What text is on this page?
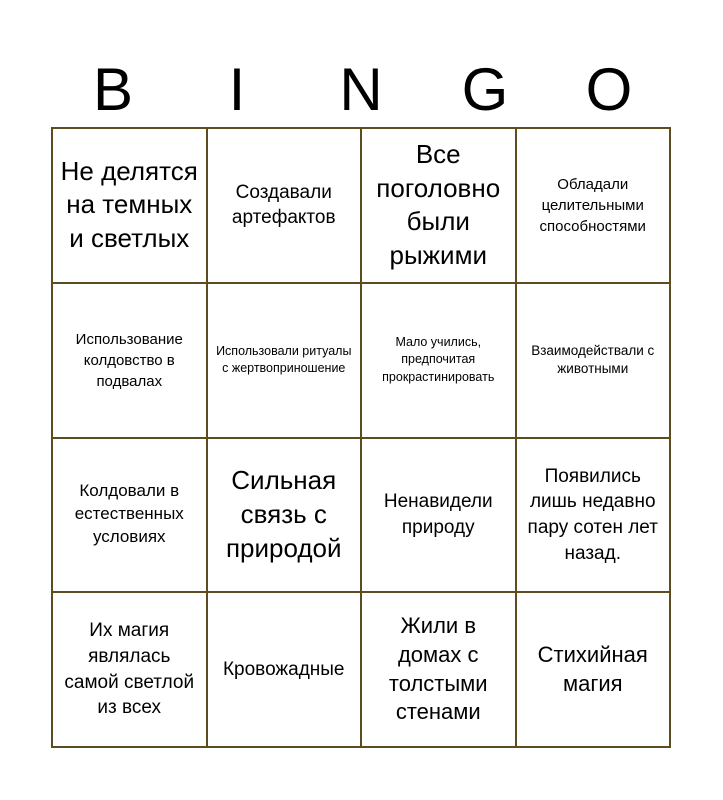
B	I	N	G	O
Не делятся на темных и светлых
Создавали артефактов
Все поголовно были рыжими
Обладали целительными способностями
Использование колдовство в подвалах
Использовали ритуалы с жертвоприношение
Мало учились, предпочитая прокрастинировать
Взаимодействали с животными
Колдовали в естественных условиях
Сильная связь с природой
Ненавидели природу
Появились лишь недавно пару сотен лет назад.
Их магия являлась самой светлой из всех
Кровожадные
Жили в домах с толстыми стенами
Стихийная магия
